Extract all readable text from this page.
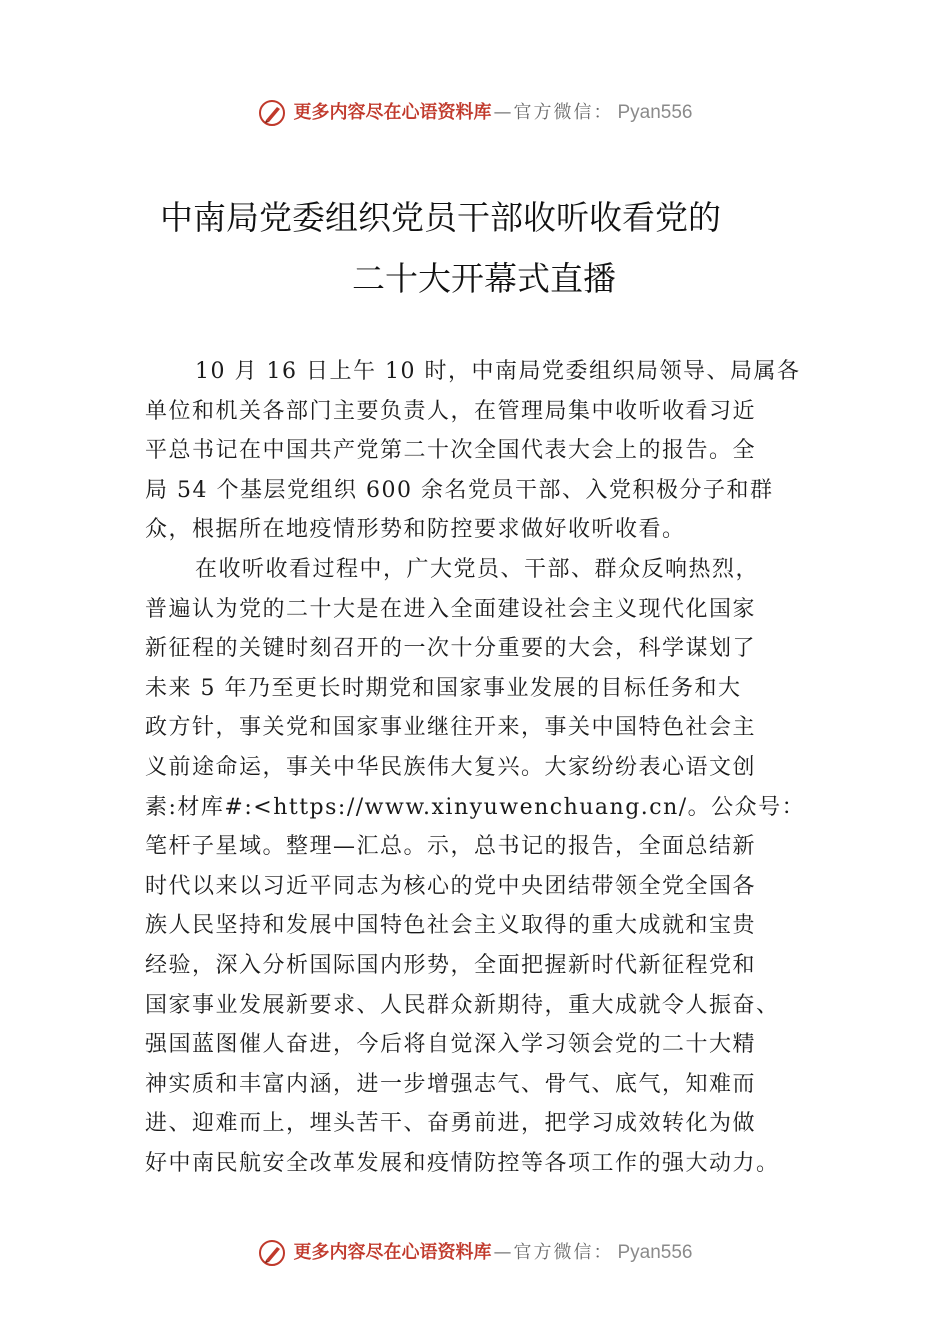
更多内容尽在心语资料库 — 官方微信： Pyan556
中南局党委组织党员干部收听收看党的
二十大开幕式直播
10 月 16 日上午 10 时，中南局党委组织局领导、局属各
单位和机关各部门主要负责人，在管理局集中收听收看习近
平总书记在中国共产党第二十次全国代表大会上的报告。全
局 54 个基层党组织 600 余名党员干部、入党积极分子和群
众，根据所在地疫情形势和防控要求做好收听收看。
在收听收看过程中，广大党员、干部、群众反响热烈，
普遍认为党的二十大是在进入全面建设社会主义现代化国家
新征程的关键时刻召开的一次十分重要的大会，科学谋划了
未来 5 年乃至更长时期党和国家事业发展的目标任务和大
政方针，事关党和国家事业继往开来，事关中国特色社会主
义前途命运，事关中华民族伟大复兴。大家纷纷表心语文创
素:材库#:<https://www.xinyuwenchuang.cn/。公众号：
笔杆子星域。整理—汇总。示，总书记的报告，全面总结新
时代以来以习近平同志为核心的党中央团结带领全党全国各
族人民坚持和发展中国特色社会主义取得的重大成就和宝贵
经验，深入分析国际国内形势，全面把握新时代新征程党和
国家事业发展新要求、人民群众新期待，重大成就令人振奋、
强国蓝图催人奋进，今后将自觉深入学习领会党的二十大精
神实质和丰富内涵，进一步增强志气、骨气、底气，知难而
进、迎难而上，埋头苦干、奋勇前进，把学习成效转化为做
好中南民航安全改革发展和疫情防控等各项工作的强大动力。
更多内容尽在心语资料库 — 官方微信： Pyan556
